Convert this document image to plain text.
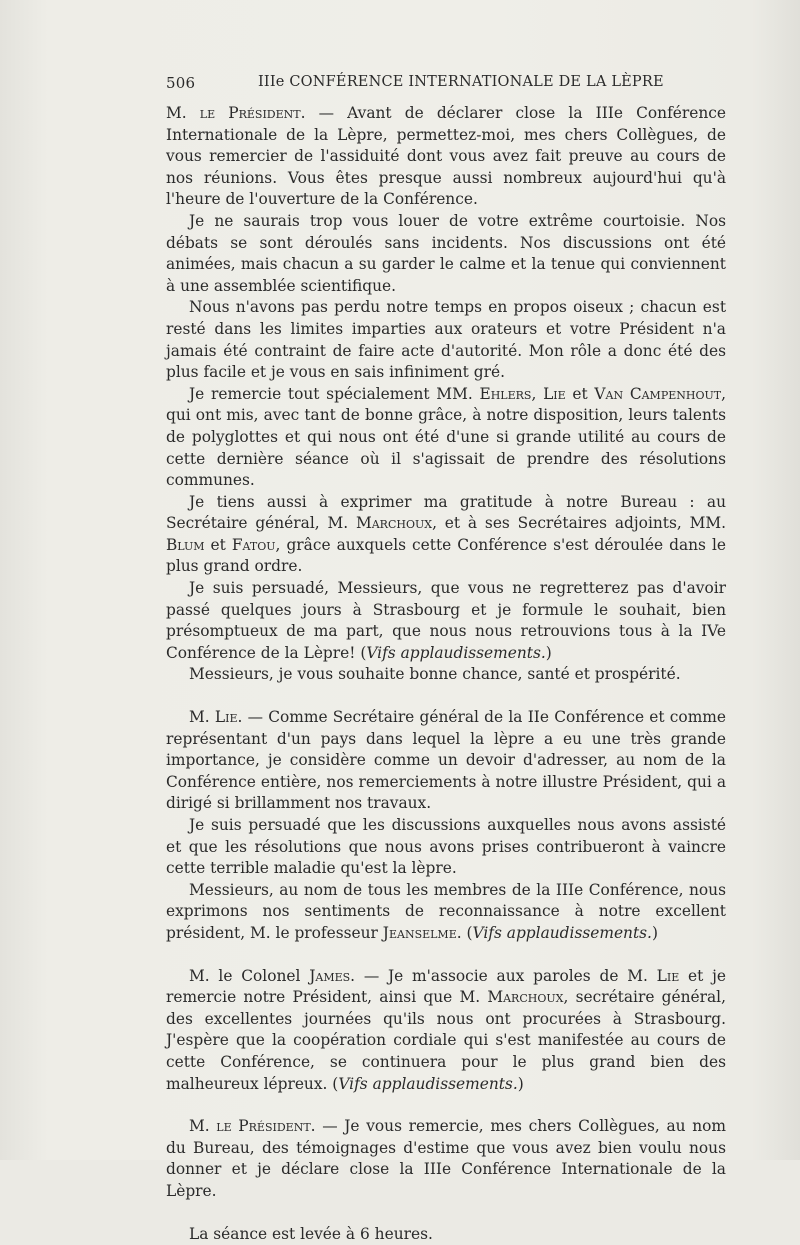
506	IIIe CONFÉRENCE INTERNATIONALE DE LA LÈPRE

M. le Président. — Avant de déclarer close la IIIe Conférence Internationale de la Lèpre, permettez-moi, mes chers Collègues, de vous remercier de l'assiduité dont vous avez fait preuve au cours de nos réunions. Vous êtes presque aussi nombreux aujourd'hui qu'à l'heure de l'ouverture de la Conférence.

Je ne saurais trop vous louer de votre extrême courtoisie. Nos débats se sont déroulés sans incidents. Nos discussions ont été animées, mais chacun a su garder le calme et la tenue qui conviennent à une assemblée scientifique.

Nous n'avons pas perdu notre temps en propos oiseux ; chacun est resté dans les limites imparties aux orateurs et votre Président n'a jamais été contraint de faire acte d'autorité. Mon rôle a donc été des plus facile et je vous en sais infiniment gré.

Je remercie tout spécialement MM. Ehlers, Lie et Van Campenhout, qui ont mis, avec tant de bonne grâce, à notre disposition, leurs talents de polyglottes et qui nous ont été d'une si grande utilité au cours de cette dernière séance où il s'agissait de prendre des résolutions communes.

Je tiens aussi à exprimer ma gratitude à notre Bureau : au Secrétaire général, M. Marchoux, et à ses Secrétaires adjoints, MM. Blum et Fatou, grâce auxquels cette Conférence s'est déroulée dans le plus grand ordre.

Je suis persuadé, Messieurs, que vous ne regretterez pas d'avoir passé quelques jours à Strasbourg et je formule le souhait, bien présomptueux de ma part, que nous nous retrouvions tous à la IVe Conférence de la Lèpre! (Vifs applaudissements.)

Messieurs, je vous souhaite bonne chance, santé et prospérité.

M. Lie. — Comme Secrétaire général de la IIe Conférence et comme représentant d'un pays dans lequel la lèpre a eu une très grande importance, je considère comme un devoir d'adresser, au nom de la Conférence entière, nos remerciements à notre illustre Président, qui a dirigé si brillamment nos travaux.

Je suis persuadé que les discussions auxquelles nous avons assisté et que les résolutions que nous avons prises contribueront à vaincre cette terrible maladie qu'est la lèpre.

Messieurs, au nom de tous les membres de la IIIe Conférence, nous exprimons nos sentiments de reconnaissance à notre excellent président, M. le professeur Jeanselme. (Vifs applaudissements.)

M. le Colonel James. — Je m'associe aux paroles de M. Lie et je remercie notre Président, ainsi que M. Marchoux, secrétaire général, des excellentes journées qu'ils nous ont procurées à Strasbourg. J'espère que la coopération cordiale qui s'est manifestée au cours de cette Conférence, se continuera pour le plus grand bien des malheureux lépreux. (Vifs applaudissements.)

M. le Président. — Je vous remercie, mes chers Collègues, au nom du Bureau, des témoignages d'estime que vous avez bien voulu nous donner et je déclare close la IIIe Conférence Internationale de la Lèpre.

La séance est levée à 6 heures.
